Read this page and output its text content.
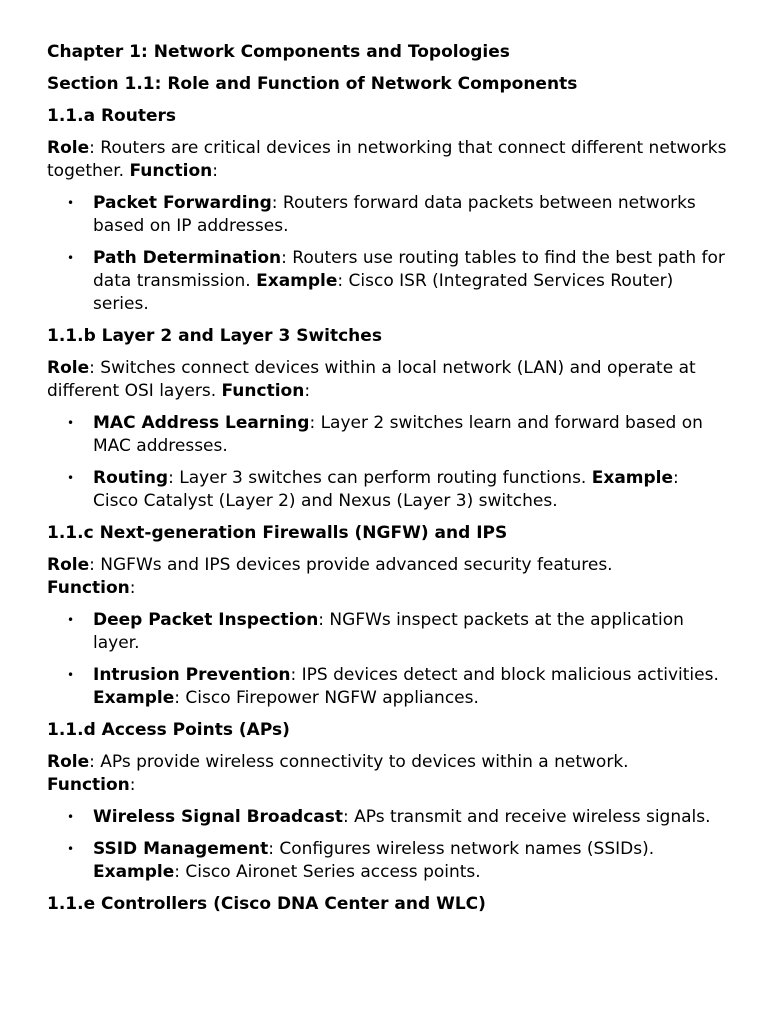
Chapter 1: Network Components and Topologies
Section 1.1: Role and Function of Network Components
1.1.a Routers
Role: Routers are critical devices in networking that connect different networks together. Function:
• Packet Forwarding: Routers forward data packets between networks based on IP addresses.
• Path Determination: Routers use routing tables to find the best path for data transmission. Example: Cisco ISR (Integrated Services Router) series.
1.1.b Layer 2 and Layer 3 Switches
Role: Switches connect devices within a local network (LAN) and operate at different OSI layers. Function:
• MAC Address Learning: Layer 2 switches learn and forward based on MAC addresses.
• Routing: Layer 3 switches can perform routing functions. Example: Cisco Catalyst (Layer 2) and Nexus (Layer 3) switches.
1.1.c Next-generation Firewalls (NGFW) and IPS
Role: NGFWs and IPS devices provide advanced security features.
Function:
• Deep Packet Inspection: NGFWs inspect packets at the application layer.
• Intrusion Prevention: IPS devices detect and block malicious activities. Example: Cisco Firepower NGFW appliances.
1.1.d Access Points (APs)
Role: APs provide wireless connectivity to devices within a network.
Function:
• Wireless Signal Broadcast: APs transmit and receive wireless signals.
• SSID Management: Configures wireless network names (SSIDs).
Example: Cisco Aironet Series access points.
1.1.e Controllers (Cisco DNA Center and WLC)
